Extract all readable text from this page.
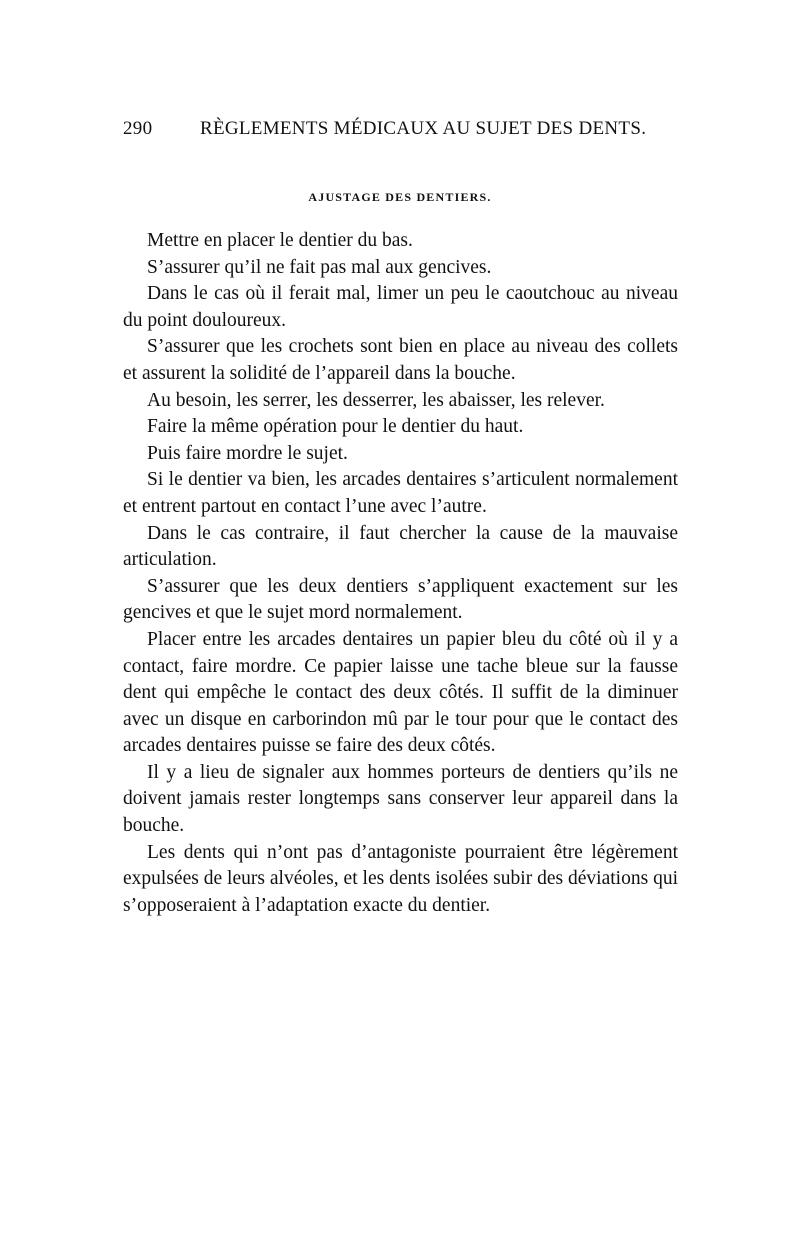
290	RÈGLEMENTS MÉDICAUX AU SUJET DES DENTS.
AJUSTAGE DES DENTIERS.

Mettre en placer le dentier du bas.

S’assurer qu’il ne fait pas mal aux gencives.

Dans le cas où il ferait mal, limer un peu le caoutchouc au niveau du point douloureux.

S’assurer que les crochets sont bien en place au niveau des collets et assurent la solidité de l’appareil dans la bouche.

Au besoin, les serrer, les desserrer, les abaisser, les relever.

Faire la même opération pour le dentier du haut.

Puis faire mordre le sujet.

Si le dentier va bien, les arcades dentaires s’articulent normalement et entrent partout en contact l’une avec l’autre.

Dans le cas contraire, il faut chercher la cause de la mauvaise articulation.

S’assurer que les deux dentiers s’appliquent exactement sur les gencives et que le sujet mord normalement.

Placer entre les arcades dentaires un papier bleu du côté où il y a contact, faire mordre. Ce papier laisse une tache bleue sur la fausse dent qui empêche le contact des deux côtés. Il suffit de la diminuer avec un disque en carborindon mû par le tour pour que le contact des arcades dentaires puisse se faire des deux côtés.

Il y a lieu de signaler aux hommes porteurs de dentiers qu’ils ne doivent jamais rester longtemps sans conserver leur appareil dans la bouche.

Les dents qui n’ont pas d’antagoniste pourraient être légèrement expulsées de leurs alvéoles, et les dents isolées subir des déviations qui s’opposeraient à l’adaptation exacte du dentier.
